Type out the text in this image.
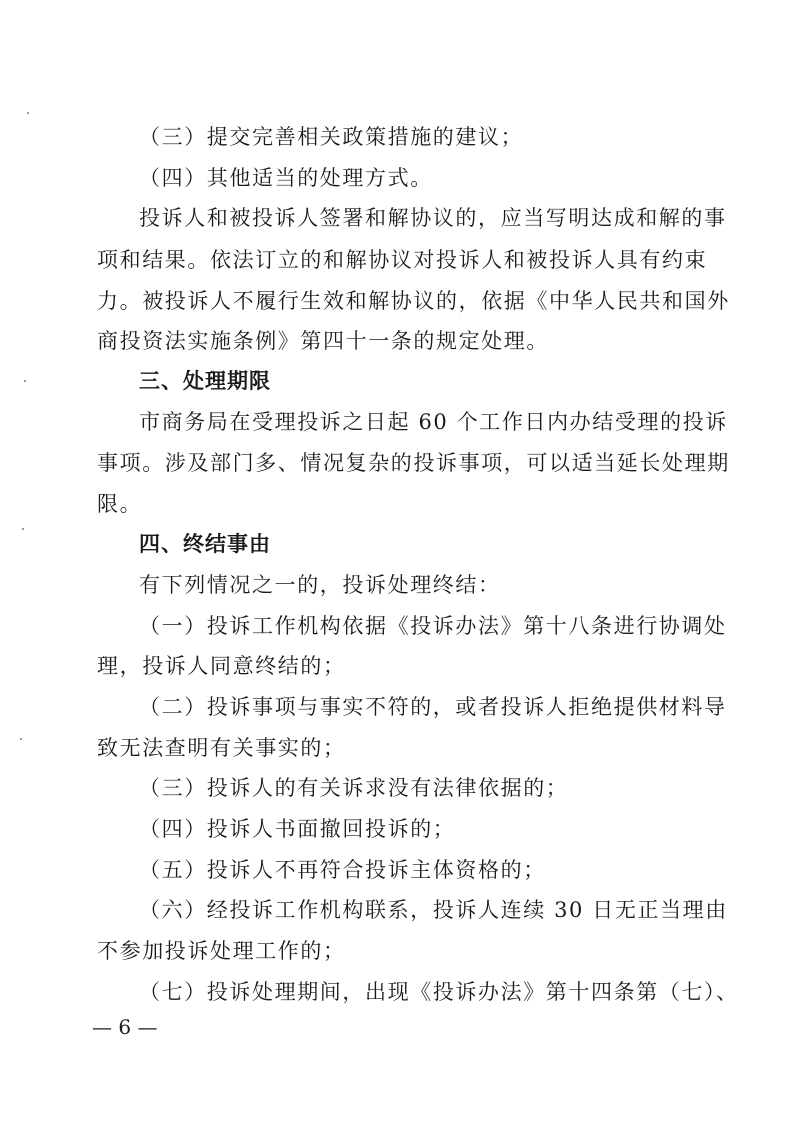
（三）提交完善相关政策措施的建议；
（四）其他适当的处理方式。
投诉人和被投诉人签署和解协议的，应当写明达成和解的事
项和结果。依法订立的和解协议对投诉人和被投诉人具有约束
力。被投诉人不履行生效和解协议的，依据《中华人民共和国外
商投资法实施条例》第四十一条的规定处理。
三、处理期限
市商务局在受理投诉之日起 60 个工作日内办结受理的投诉
事项。涉及部门多、情况复杂的投诉事项，可以适当延长处理期
限。
四、终结事由
有下列情况之一的，投诉处理终结：
（一）投诉工作机构依据《投诉办法》第十八条进行协调处
理，投诉人同意终结的；
（二）投诉事项与事实不符的，或者投诉人拒绝提供材料导
致无法查明有关事实的；
（三）投诉人的有关诉求没有法律依据的；
（四）投诉人书面撤回投诉的；
（五）投诉人不再符合投诉主体资格的；
（六）经投诉工作机构联系，投诉人连续 30 日无正当理由
不参加投诉处理工作的；
（七）投诉处理期间，出现《投诉办法》第十四条第（七）、
— 6 —
